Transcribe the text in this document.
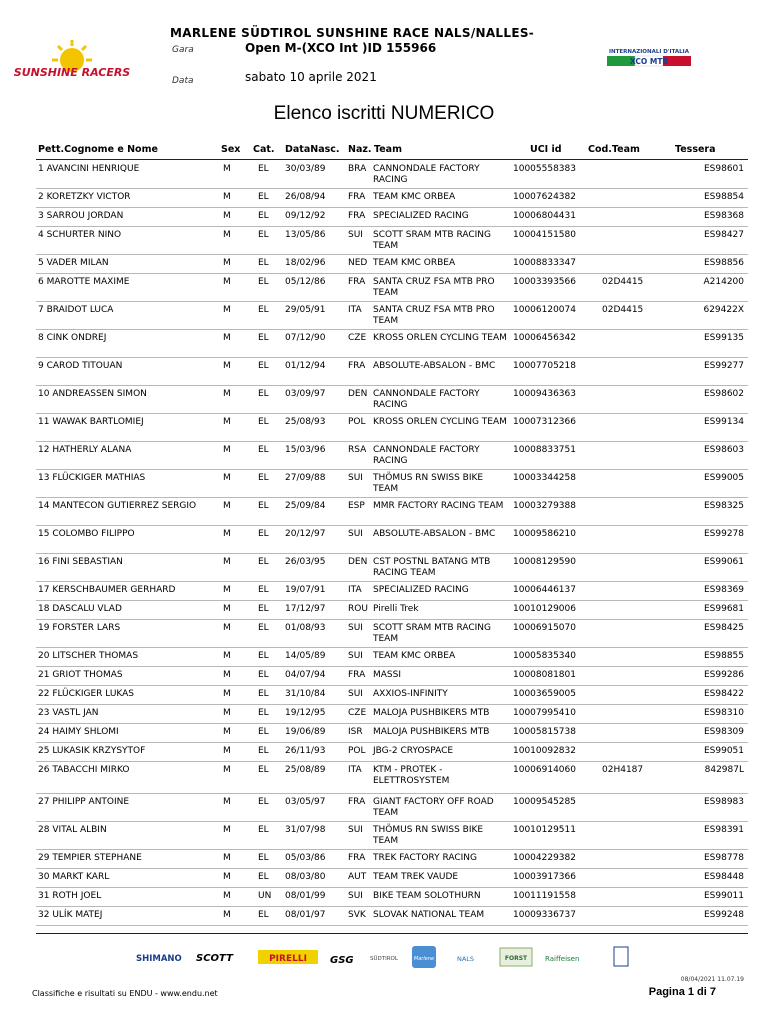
SUNSHINE RACERS
MARLENE SÜDTIROL SUNSHINE RACE NALS/NALLES-
Gara	Open M-(XCO Int )ID 155966
Data	sabato 10 aprile 2021
INTERNAZIONALI D'ITALIA
XCO MTB
Elenco iscritti NUMERICO
Pett.Cognome e Nome	Sex Cat. DataNasc. Naz. Team	UCI id	Cod.Team	Tessera
1 AVANCINI HENRIQUE	M	EL 30/03/89	BRA CANNONDALE FACTORY RACING
10005558383	ES98601
2 KORETZKY VICTOR	M	EL 26/08/94	FRA TEAM KMC ORBEA	10007624382	ES98854
3 SARROU JORDAN	M	EL 09/12/92	FRA SPECIALIZED RACING	10006804431	ES98368
4 SCHURTER NINO	M	EL 13/05/86	SUI SCOTT SRAM MTB RACING TEAM
10004151580	ES98427
5 VADER MILAN	M	EL 18/02/96	NED TEAM KMC ORBEA	10008833347	ES98856
6 MAROTTE MAXIME	M	EL 05/12/86	FRA SANTA CRUZ FSA MTB PRO TEAM
10003393566	02D4415	A214200
7 BRAIDOT LUCA	M	EL 29/05/91	ITA SANTA CRUZ FSA MTB PRO TEAM
10006120074	02D4415	629422X
8 CINK ONDREJ	M	EL 07/12/90	CZE KROSS ORLEN CYCLING TEAM 10006456342	ES99135
9 CAROD TITOUAN	M	EL 01/12/94	FRA ABSOLUTE-ABSALON - BMC	10007705218	ES99277
10 ANDREASSEN SIMON	M	EL 03/09/97	DEN CANNONDALE FACTORY RACING
10009436363	ES98602
11 WAWAK BARTLOMIEJ	M	EL 25/08/93	POL KROSS ORLEN CYCLING TEAM 10007312366	ES99134
12 HATHERLY ALANA	M	EL 15/03/96	RSA CANNONDALE FACTORY RACING
10008833751	ES98603
13 FLÜCKIGER MATHIAS	M	EL 27/09/88	SUI THÖMUS RN SWISS BIKE TEAM
10003344258	ES99005
14 MANTECON GUTIERREZ SERGIO	M	EL 25/09/84	ESP MMR FACTORY RACING TEAM	10003279388	ES98325
15 COLOMBO FILIPPO	M	EL 20/12/97	SUI ABSOLUTE-ABSALON - BMC	10009586210	ES99278
16 FINI SEBASTIAN	M	EL 26/03/95	DEN CST POSTNL BATANG MTB RACING TEAM
10008129590	ES99061
17 KERSCHBAUMER GERHARD	M	EL 19/07/91	ITA SPECIALIZED RACING	10006446137	ES98369
18 DASCALU VLAD	M	EL 17/12/97	ROU Pirelli Trek	10010129006	ES99681
19 FORSTER LARS	M	EL 01/08/93	SUI SCOTT SRAM MTB RACING TEAM
10006915070	ES98425
20 LITSCHER THOMAS	M	EL 14/05/89	SUI TEAM KMC ORBEA	10005835340	ES98855
21 GRIOT THOMAS	M	EL 04/07/94	FRA MASSI	10008081801	ES99286
22 FLÜCKIGER LUKAS	M	EL 31/10/84	SUI AXXIOS-INFINITY	10003659005	ES98422
23 VASTL JAN	M	EL 19/12/95	CZE MALOJA PUSHBIKERS MTB	10007995410	ES98310
24 HAIMY SHLOMI	M	EL 19/06/89	ISR MALOJA PUSHBIKERS MTB	10005815738	ES98309
25 LUKASIK KRZYSYTOF	M	EL 26/11/93	POL JBG-2 CRYOSPACE	10010092832	ES99051
26 TABACCHI MIRKO	M	EL 25/08/89	ITA KTM - PROTEK - ELETTROSYSTEM
10006914060	02H4187	842987L
27 PHILIPP ANTOINE	M	EL 03/05/97	FRA GIANT FACTORY OFF ROAD TEAM
10009545285	ES98983
28 VITAL ALBIN	M	EL 31/07/98	SUI THÖMUS RN SWISS BIKE TEAM
10010129511	ES98391
29 TEMPIER STEPHANE	M	EL 05/03/86	FRA TREK FACTORY RACING	10004229382	ES98778
30 MARKT KARL	M	EL 08/03/80	AUT TEAM TREK VAUDE	10003917366	ES98448
31 ROTH JOEL	M	UN 08/01/99	SUI BIKE TEAM SOLOTHURN	10011191558	ES99011
32 ULÍK MATEJ	M	EL 08/01/97	SVK SLOVAK NATIONAL TEAM	10009336737	ES99248
SHIMANO SCOTT	PIRELLI GSG	SÜDTIROL	Marlene	NALS	FORST	Raiffeisen
08/04/2021 11.07.19
Classifiche e risultati su ENDU - www.endu.net	Pagina 1 di 7
